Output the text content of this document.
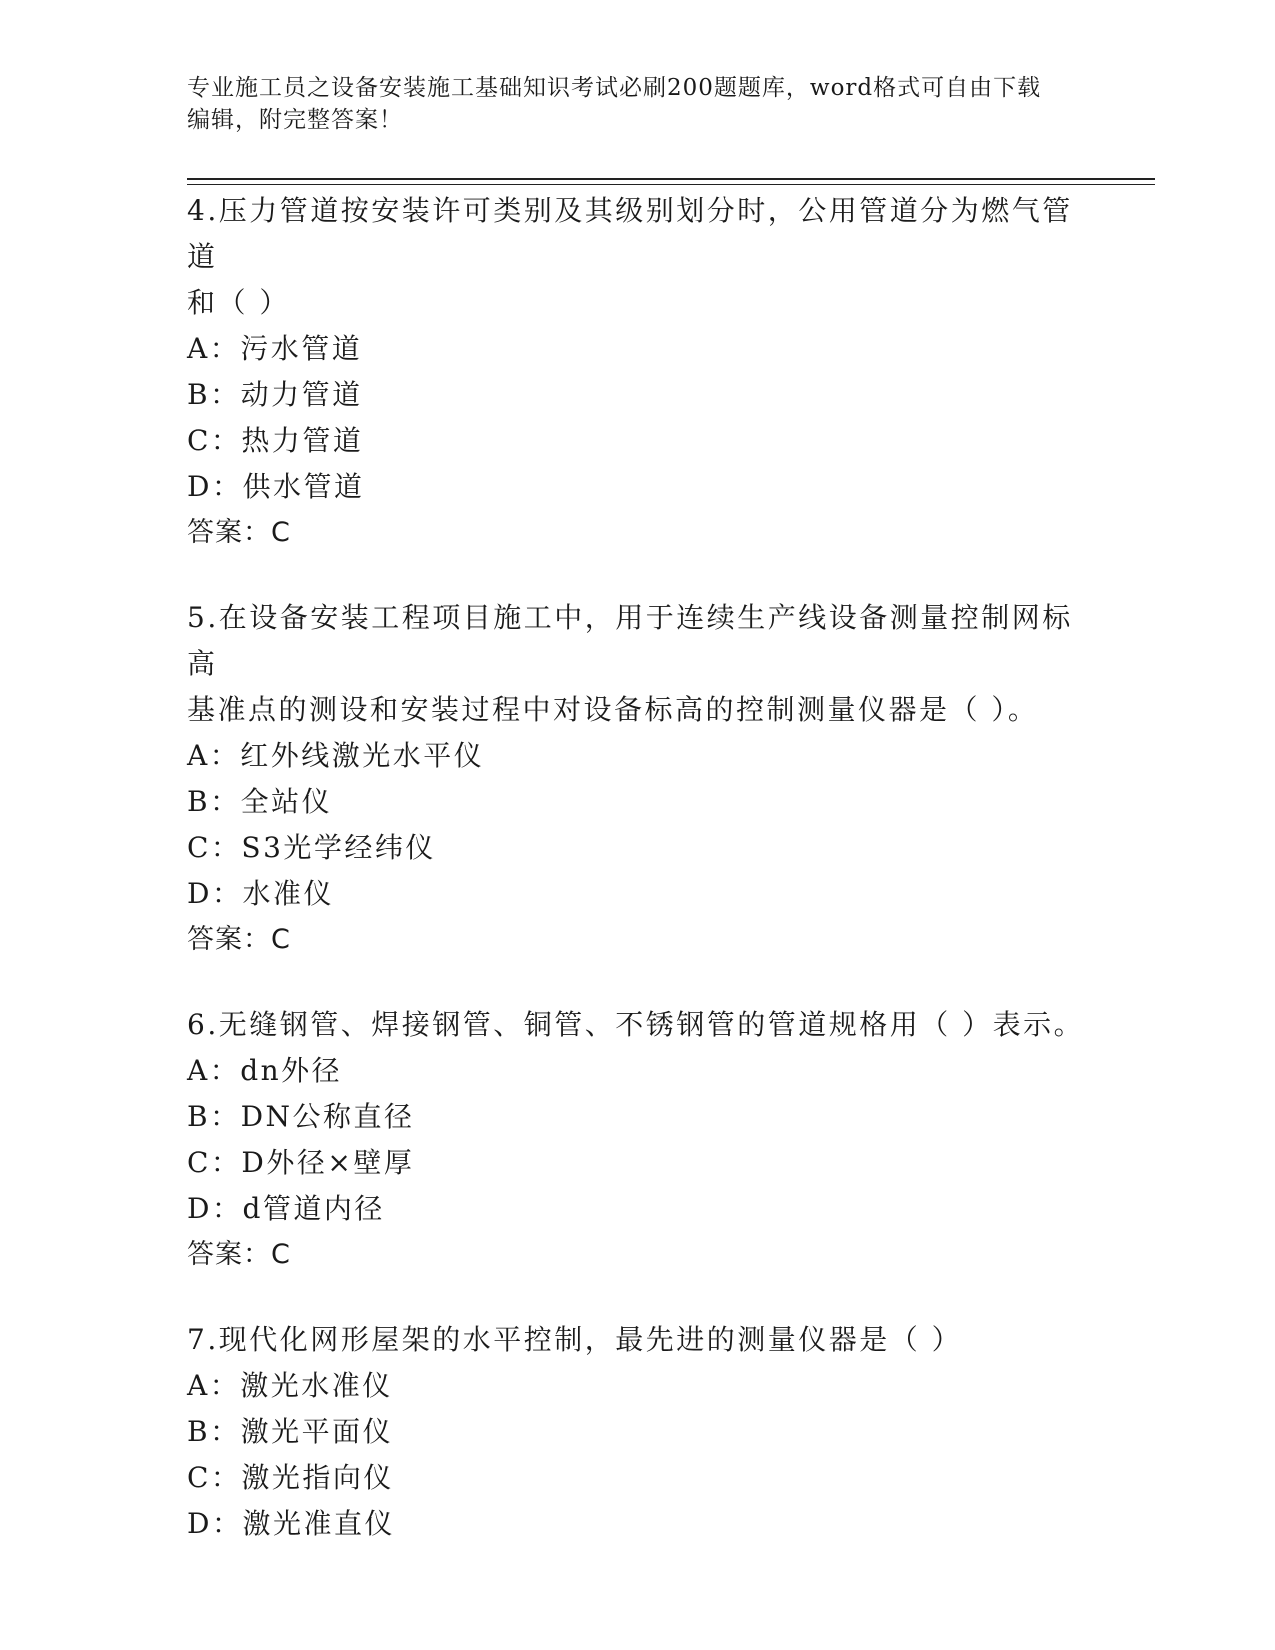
专业施工员之设备安装施工基础知识考试必刷200题题库，word格式可自由下载
编辑，附完整答案！
4.压力管道按安装许可类别及其级别划分时，公用管道分为燃气管道
和（ ）
A：污水管道
B：动力管道
C：热力管道
D：供水管道
答案：C
5.在设备安装工程项目施工中，用于连续生产线设备测量控制网标高
基准点的测设和安装过程中对设备标高的控制测量仪器是（ ）。
A：红外线激光水平仪
B：全站仪
C：S3光学经纬仪
D：水准仪
答案：C
6.无缝钢管、焊接钢管、铜管、不锈钢管的管道规格用（ ）表示。
A：dn外径
B：DN公称直径
C：D外径×壁厚
D：d管道内径
答案：C
7.现代化网形屋架的水平控制，最先进的测量仪器是（ ）
A：激光水准仪
B：激光平面仪
C：激光指向仪
D：激光准直仪
